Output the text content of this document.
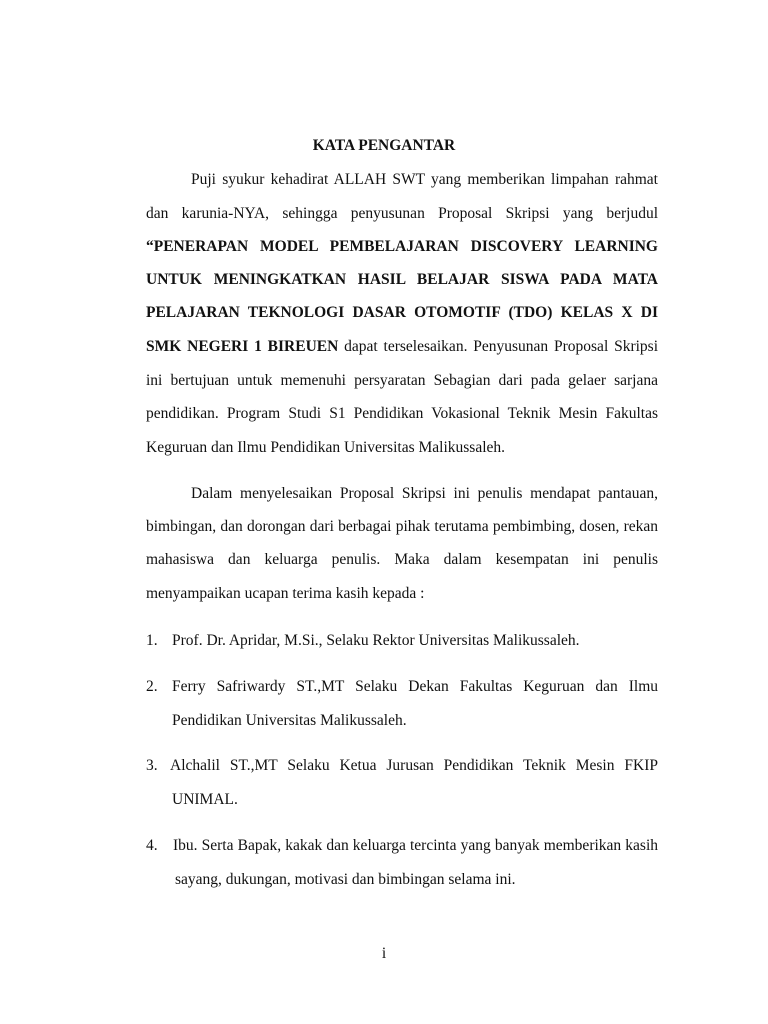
KATA PENGANTAR
Puji syukur kehadirat ALLAH SWT yang memberikan limpahan rahmat
dan karunia-NYA, sehingga penyusunan Proposal Skripsi yang berjudul
“PENERAPAN MODEL PEMBELAJARAN DISCOVERY LEARNING
UNTUK MENINGKATKAN HASIL BELAJAR SISWA PADA MATA
PELAJARAN TEKNOLOGI DASAR OTOMOTIF (TDO) KELAS X DI
SMK NEGERI 1 BIREUEN dapat terselesaikan. Penyusunan Proposal Skripsi
ini bertujuan untuk memenuhi persyaratan Sebagian dari pada gelaer sarjana
pendidikan. Program Studi S1 Pendidikan Vokasional Teknik Mesin Fakultas
Keguruan dan Ilmu Pendidikan Universitas Malikussaleh.
Dalam menyelesaikan Proposal Skripsi ini penulis mendapat pantauan,
bimbingan, dan dorongan dari berbagai pihak terutama pembimbing, dosen, rekan
mahasiswa dan keluarga penulis. Maka dalam kesempatan ini penulis
menyampaikan ucapan terima kasih kepada :
1. Prof. Dr. Apridar, M.Si., Selaku Rektor Universitas Malikussaleh.
2. Ferry Safriwardy ST.,MT Selaku Dekan Fakultas Keguruan dan Ilmu
Pendidikan Universitas Malikussaleh.
3. Alchalil ST.,MT Selaku Ketua Jurusan Pendidikan Teknik Mesin FKIP
UNIMAL.
4. Ibu. Serta Bapak, kakak dan keluarga tercinta yang banyak memberikan kasih
sayang, dukungan, motivasi dan bimbingan selama ini.
i
